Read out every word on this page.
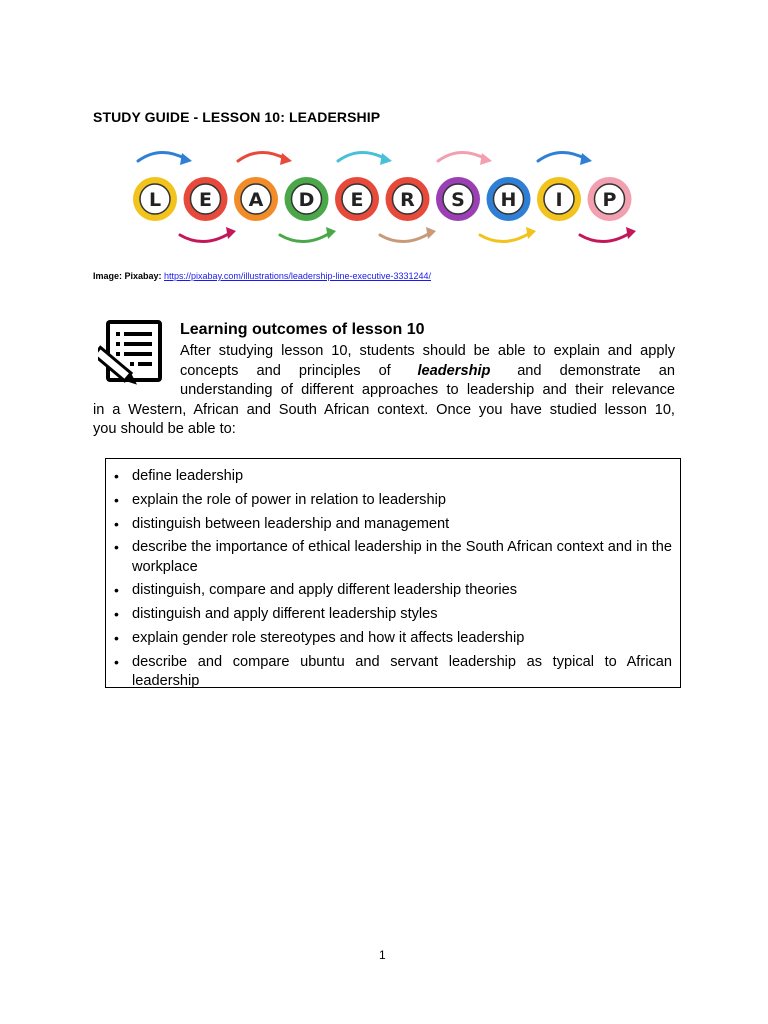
STUDY GUIDE - LESSON 10: LEADERSHIP
L E A D E R S H I P
Image: Pixabay: https://pixabay.com/illustrations/leadership-line-executive-3331244/
Learning outcomes of lesson 10
After studying lesson 10, students should be able to explain and apply
concepts and principles of leadership and demonstrate an
understanding of different approaches to leadership and their relevance
in a Western, African and South African context. Once you have studied lesson 10,
you should be able to:
• define leadership
• explain the role of power in relation to leadership
• distinguish between leadership and management
• describe the importance of ethical leadership in the South African context and in the workplace
• distinguish, compare and apply different leadership theories
• distinguish and apply different leadership styles
• explain gender role stereotypes and how it affects leadership
• describe and compare ubuntu and servant leadership as typical to African leadership
1
